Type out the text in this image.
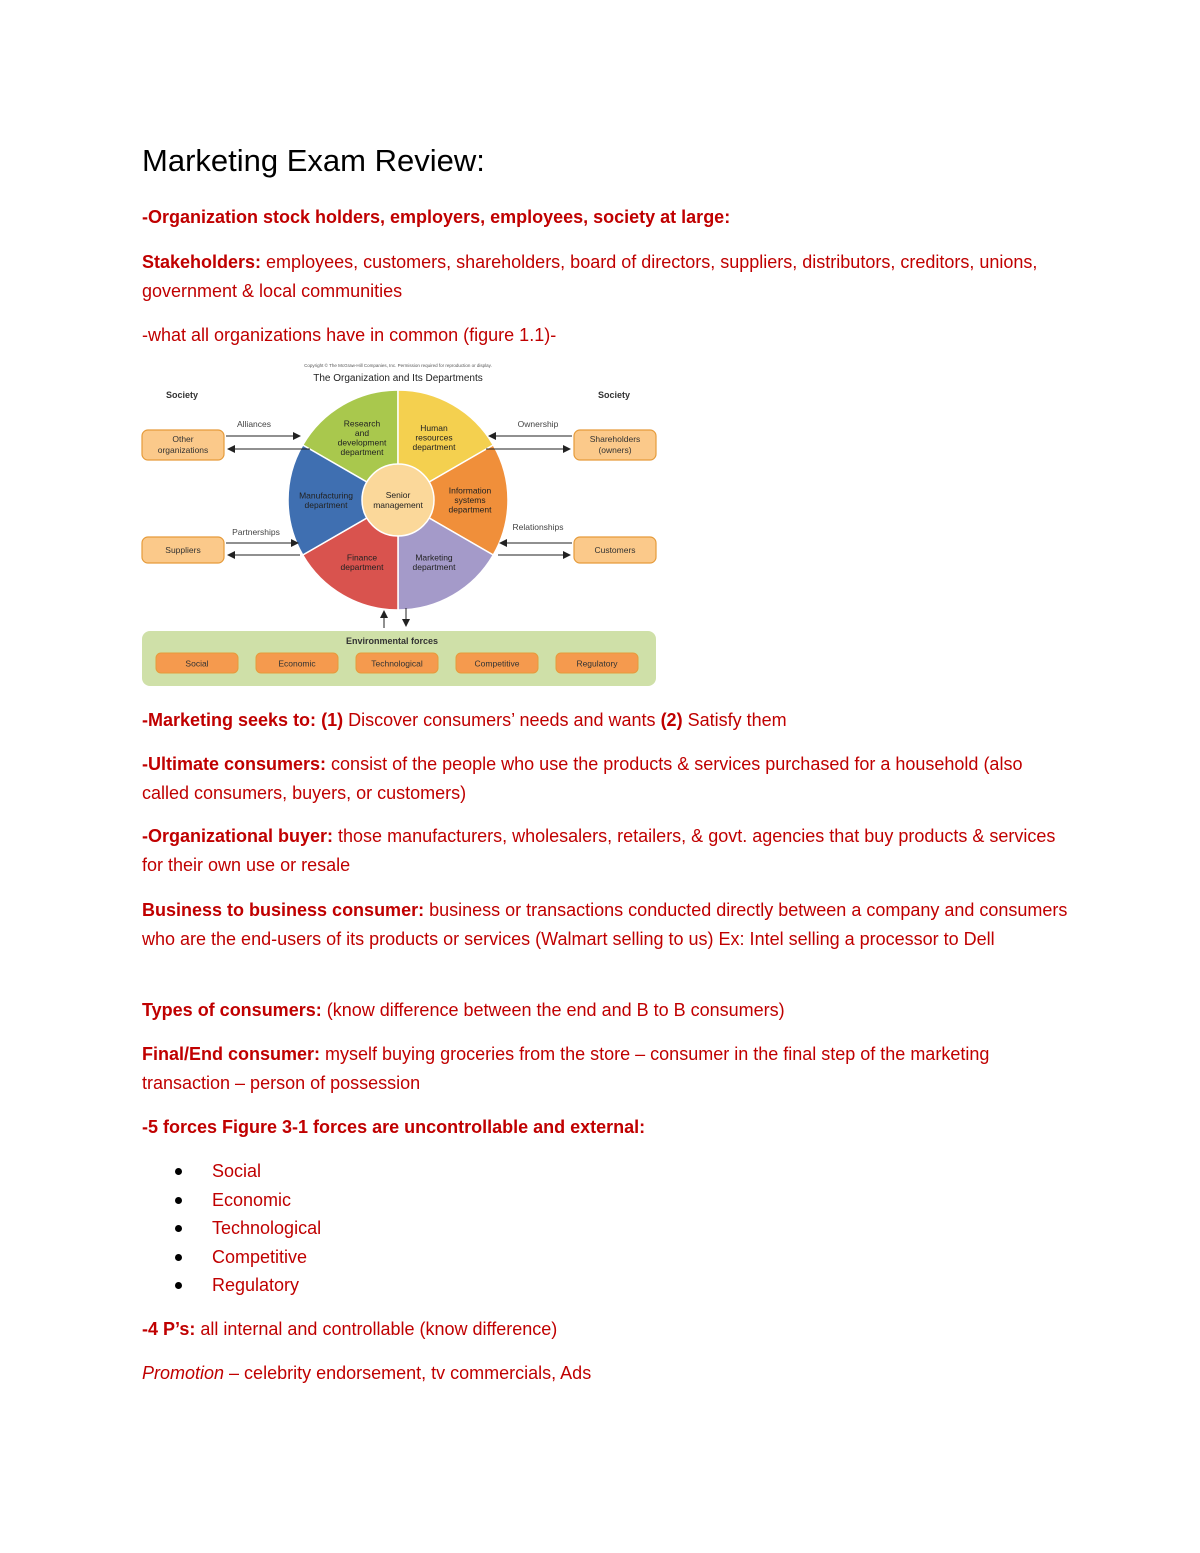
Marketing Exam Review:

-Organization stock holders, employers, employees, society at large:

Stakeholders: employees, customers, shareholders, board of directors, suppliers, distributors, creditors, unions, government & local communities

-what all organizations have in common (figure 1.1)-

Copyright © The McGraw-Hill Companies, Inc. Permission required for reproduction or display.
The Organization and Its Departments
Society	Society
Research
and
development
department
Human
resources
department
Information
systems
department
Marketing
department
Finance
department
Manufacturing
department
Senior
management
Other
organizations
Shareholders
(owners)
Suppliers	Customers
Alliances	Ownership
Partnerships	Relationships
Environmental forces
Social	Economic	Technological	Competitive	Regulatory

-Marketing seeks to: (1) Discover consumers’ needs and wants (2) Satisfy them

-Ultimate consumers: consist of the people who use the products & services purchased for a household (also called consumers, buyers, or customers)

-Organizational buyer: those manufacturers, wholesalers, retailers, & govt. agencies that buy products & services for their own use or resale

Business to business consumer: business or transactions conducted directly between a company and consumers who are the end-users of its products or services (Walmart selling to us) Ex: Intel selling a processor to Dell

Types of consumers: (know difference between the end and B to B consumers)

Final/End consumer: myself buying groceries from the store – consumer in the final step of the marketing transaction – person of possession

-5 forces Figure 3-1 forces are uncontrollable and external:

Social
Economic
Technological
Competitive
Regulatory

-4 P’s: all internal and controllable (know difference)

Promotion – celebrity endorsement, tv commercials, Ads
